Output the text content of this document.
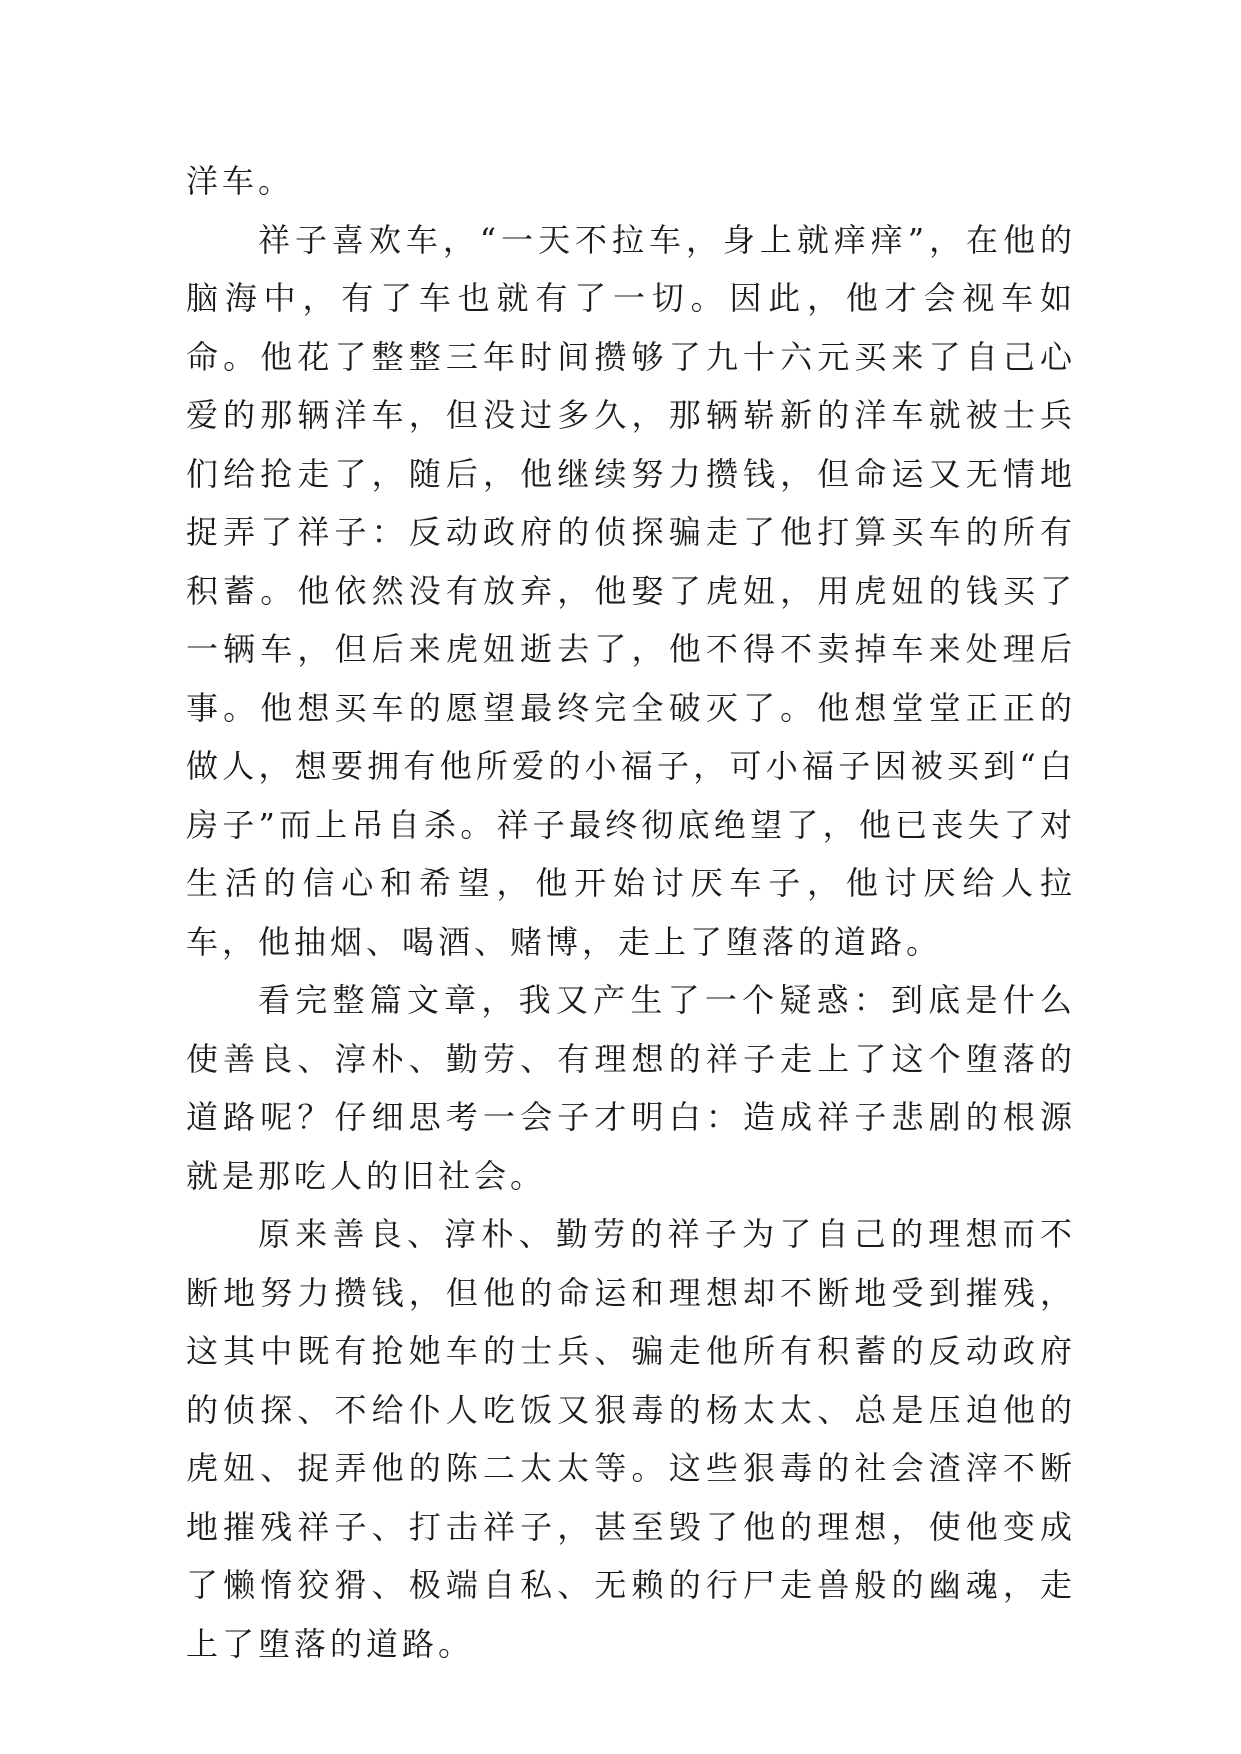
洋车。

祥子喜欢车，“一天不拉车，身上就痒痒”，在他的脑海中，有了车也就有了一切。因此，他才会视车如命。他花了整整三年时间攒够了九十六元买来了自己心爱的那辆洋车，但没过多久，那辆崭新的洋车就被士兵们给抢走了，随后，他继续努力攒钱，但命运又无情地捉弄了祥子：反动政府的侦探骗走了他打算买车的所有积蓄。他依然没有放弃，他娶了虎妞，用虎妞的钱买了一辆车，但后来虎妞逝去了，他不得不卖掉车来处理后事。他想买车的愿望最终完全破灭了。他想堂堂正正的做人，想要拥有他所爱的小福子，可小福子因被买到“白房子”而上吊自杀。祥子最终彻底绝望了，他已丧失了对生活的信心和希望，他开始讨厌车子，他讨厌给人拉车，他抽烟、喝酒、赌博，走上了堕落的道路。

看完整篇文章，我又产生了一个疑惑：到底是什么使善良、淳朴、勤劳、有理想的祥子走上了这个堕落的道路呢？仔细思考一会子才明白：造成祥子悲剧的根源就是那吃人的旧社会。

原来善良、淳朴、勤劳的祥子为了自己的理想而不断地努力攒钱，但他的命运和理想却不断地受到摧残，这其中既有抢她车的士兵、骗走他所有积蓄的反动政府的侦探、不给仆人吃饭又狠毒的杨太太、总是压迫他的虎妞、捉弄他的陈二太太等。这些狠毒的社会渣滓不断地摧残祥子、打击祥子，甚至毁了他的理想，使他变成了懒惰狡猾、极端自私、无赖的行尸走兽般的幽魂，走上了堕落的道路。
